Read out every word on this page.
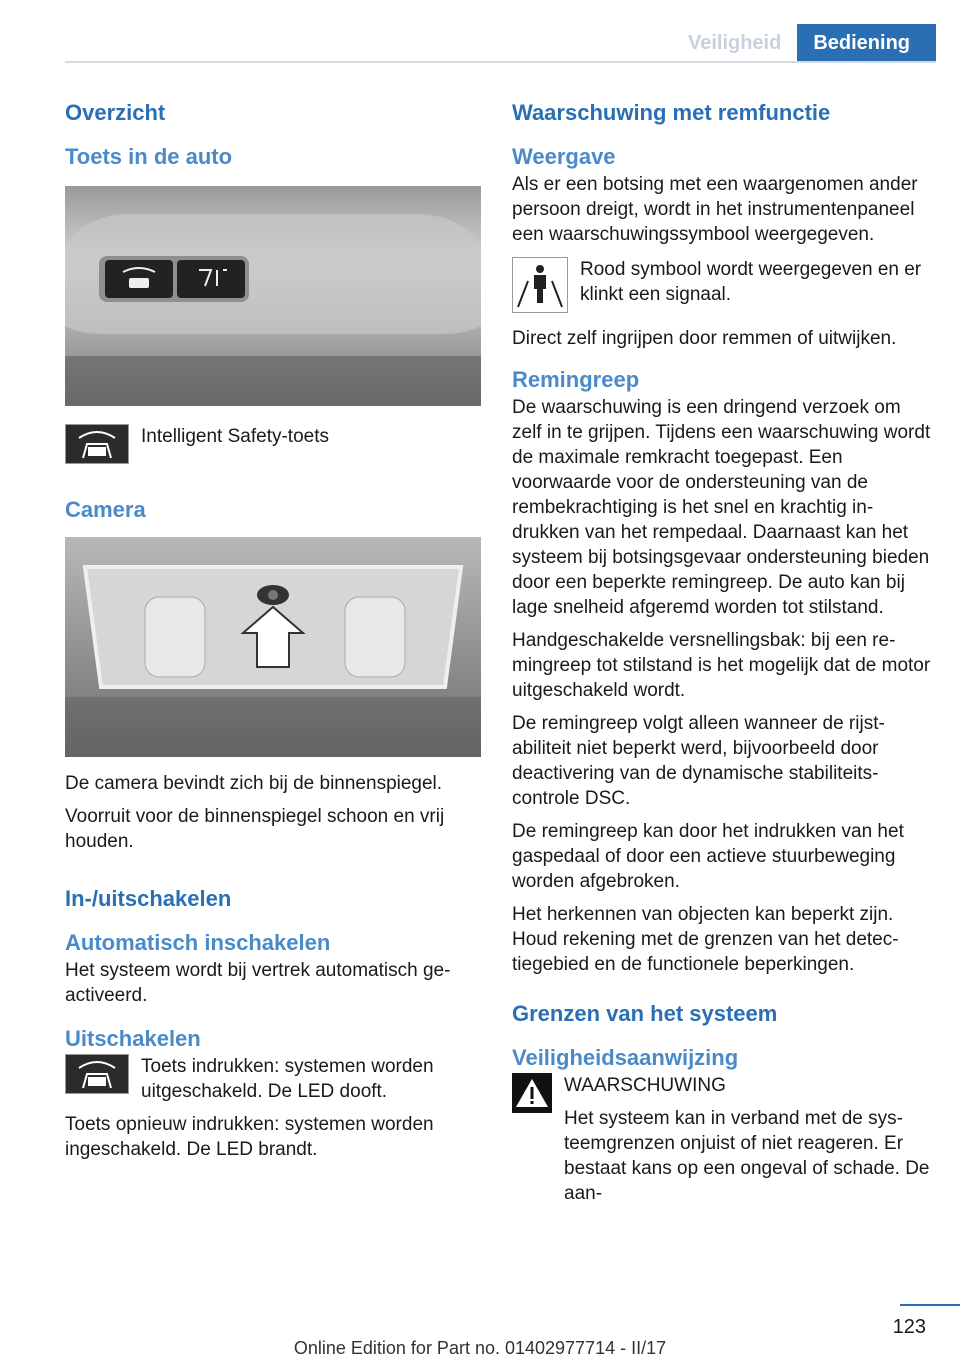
Veiligheid	Bediening
Overzicht
Toets in de auto
Intelligent Safety-toets
Camera

De camera bevindt zich bij de binnenspiegel.

Voorruit voor de binnenspiegel schoon en vrij houden.

In-/uitschakelen
Automatisch inschakelen

Het systeem wordt bij vertrek automatisch geactiveerd.

Uitschakelen
Toets indrukken: systemen worden uitgeschakeld. De LED dooft.

Toets opnieuw indrukken: systemen worden ingeschakeld. De LED brandt.

Waarschuwing met remfunctie
Weergave

Als er een botsing met een waargenomen ander persoon dreigt, wordt in het instrumentenpaneel een waarschuwingssymbool weergegeven.

Rood symbool wordt weergegeven en er klinkt een signaal.

Direct zelf ingrijpen door remmen of uitwijken.

Remingreep

De waarschuwing is een dringend verzoek om zelf in te grijpen. Tijdens een waarschuwing wordt de maximale remkracht toegepast. Een voorwaarde voor de ondersteuning van de rembekrachtiging is het snel en krachtig indrukken van het rempedaal. Daarnaast kan het systeem bij botsingsgevaar ondersteuning bieden door een beperkte remingreep. De auto kan bij lage snelheid afgeremd worden tot stilstand.

Handgeschakelde versnellingsbak: bij een remingreep tot stilstand is het mogelijk dat de motor uitgeschakeld wordt.

De remingreep volgt alleen wanneer de rijstabiliteit niet beperkt werd, bijvoorbeeld door deactivering van de dynamische stabiliteitscontrole DSC.

De remingreep kan door het indrukken van het gaspedaal of door een actieve stuurbeweging worden afgebroken.

Het herkennen van objecten kan beperkt zijn. Houd rekening met de grenzen van het detectiegebied en de functionele beperkingen.

Grenzen van het systeem
Veiligheidsaanwijzing
WAARSCHUWING
Het systeem kan in verband met de systeemgrenzen onjuist of niet reageren. Er bestaat kans op een ongeval of schade. De aan-
123
Online Edition for Part no. 01402977714 - II/17
